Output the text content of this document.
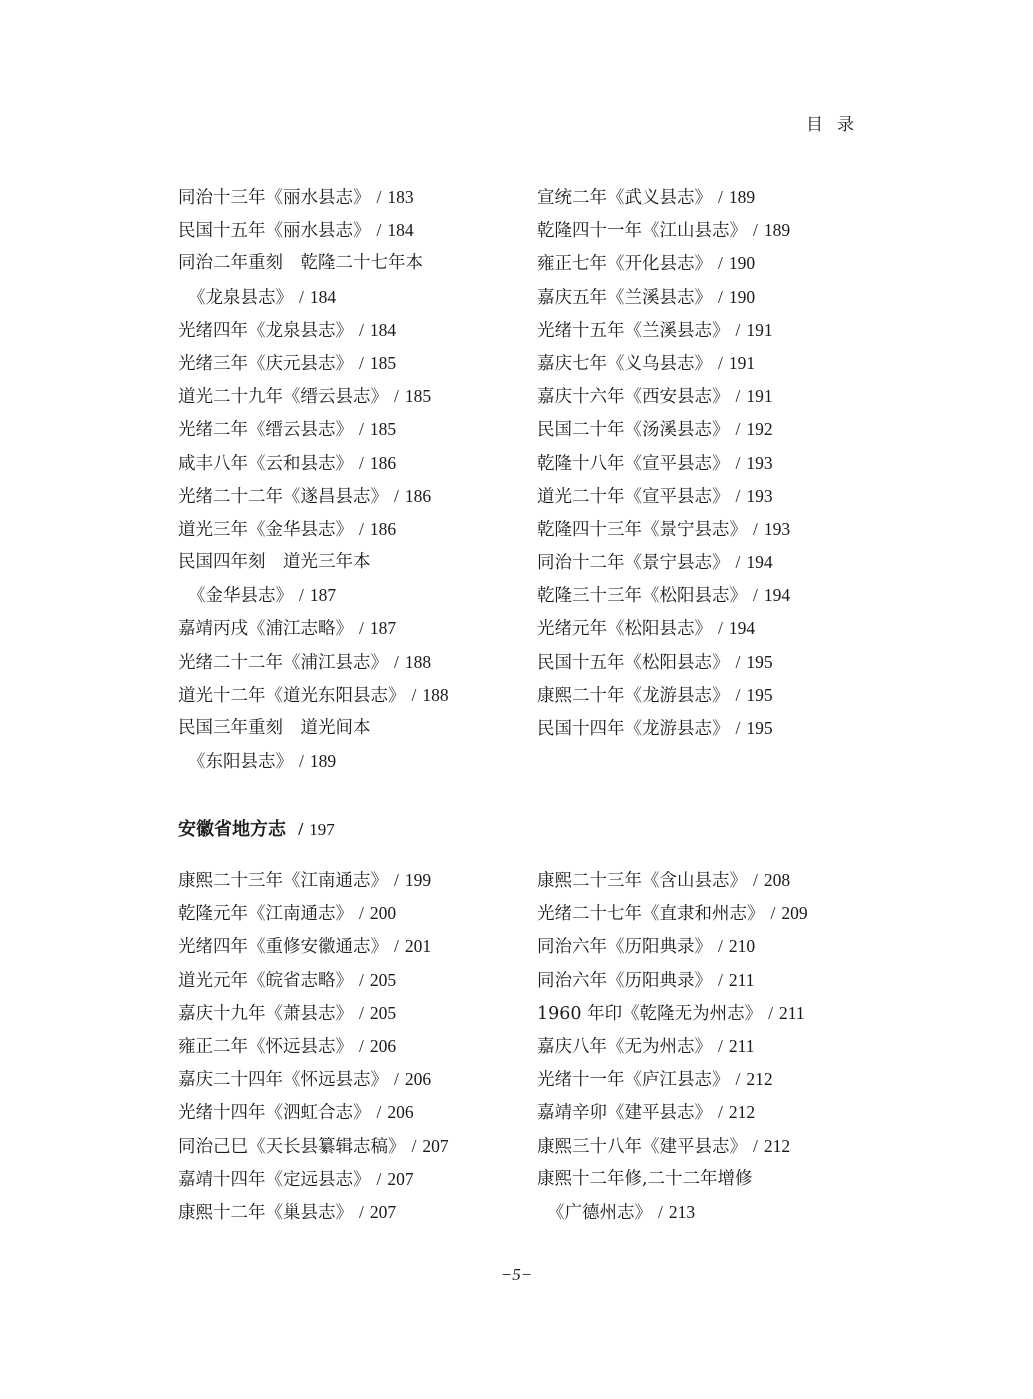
目录
同治十三年《丽水县志》 / 183
民国十五年《丽水县志》 / 184
同治二年重刻　乾隆二十七年本
《龙泉县志》 / 184
光绪四年《龙泉县志》 / 184
光绪三年《庆元县志》 / 185
道光二十九年《缙云县志》 / 185
光绪二年《缙云县志》 / 185
咸丰八年《云和县志》 / 186
光绪二十二年《遂昌县志》 / 186
道光三年《金华县志》 / 186
民国四年刻　道光三年本
《金华县志》 / 187
嘉靖丙戌《浦江志略》 / 187
光绪二十二年《浦江县志》 / 188
道光十二年《道光东阳县志》 / 188
民国三年重刻　道光间本
《东阳县志》 / 189
宣统二年《武义县志》 / 189
乾隆四十一年《江山县志》 / 189
雍正七年《开化县志》 / 190
嘉庆五年《兰溪县志》 / 190
光绪十五年《兰溪县志》 / 191
嘉庆七年《义乌县志》 / 191
嘉庆十六年《西安县志》 / 191
民国二十年《汤溪县志》 / 192
乾隆十八年《宣平县志》 / 193
道光二十年《宣平县志》 / 193
乾隆四十三年《景宁县志》 / 193
同治十二年《景宁县志》 / 194
乾隆三十三年《松阳县志》 / 194
光绪元年《松阳县志》 / 194
民国十五年《松阳县志》 / 195
康熙二十年《龙游县志》 / 195
民国十四年《龙游县志》 / 195
安徽省地方志 / 197
康熙二十三年《江南通志》 / 199
乾隆元年《江南通志》 / 200
光绪四年《重修安徽通志》 / 201
道光元年《皖省志略》 / 205
嘉庆十九年《萧县志》 / 205
雍正二年《怀远县志》 / 206
嘉庆二十四年《怀远县志》 / 206
光绪十四年《泗虹合志》 / 206
同治己巳《天长县纂辑志稿》 / 207
嘉靖十四年《定远县志》 / 207
康熙十二年《巢县志》 / 207
康熙二十三年《含山县志》 / 208
光绪二十七年《直隶和州志》 / 209
同治六年《历阳典录》 / 210
同治六年《历阳典录》 / 211
1960 年印《乾隆无为州志》 / 211
嘉庆八年《无为州志》 / 211
光绪十一年《庐江县志》 / 212
嘉靖辛卯《建平县志》 / 212
康熙三十八年《建平县志》 / 212
康熙十二年修,二十二年增修
《广德州志》 / 213
−5−
